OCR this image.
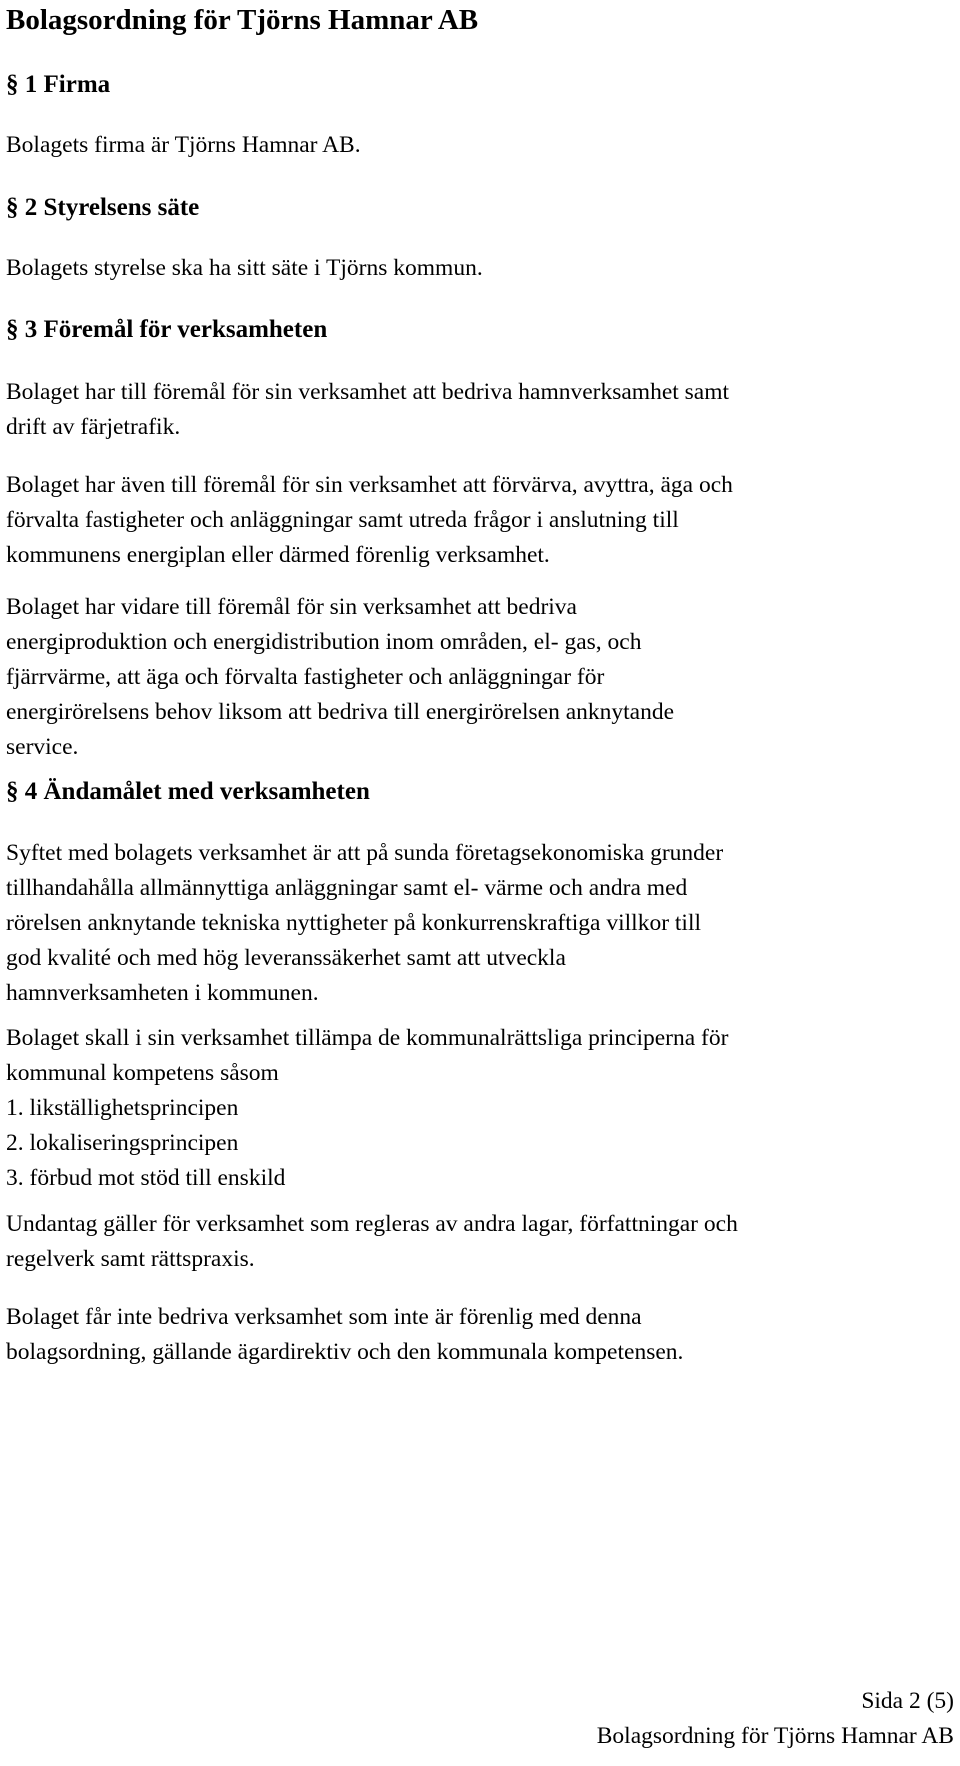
Bolagsordning för Tjörns Hamnar AB
§ 1 Firma

Bolagets firma är Tjörns Hamnar AB.

§ 2 Styrelsens säte

Bolagets styrelse ska ha sitt säte i Tjörns kommun.

§ 3 Föremål för verksamheten

Bolaget har till föremål för sin verksamhet att bedriva hamnverksamhet samt
drift av färjetrafik.

Bolaget har även till föremål för sin verksamhet att förvärva, avyttra, äga och
förvalta fastigheter och anläggningar samt utreda frågor i anslutning till
kommunens energiplan eller därmed förenlig verksamhet.

Bolaget har vidare till föremål för sin verksamhet att bedriva
energiproduktion och energidistribution inom områden, el- gas, och
fjärrvärme, att äga och förvalta fastigheter och anläggningar för
energirörelsens behov liksom att bedriva till energirörelsen anknytande
service.

§ 4 Ändamålet med verksamheten

Syftet med bolagets verksamhet är att på sunda företagsekonomiska grunder
tillhandahålla allmännyttiga anläggningar samt el- värme och andra med
rörelsen anknytande tekniska nyttigheter på konkurrenskraftiga villkor till
god kvalité och med hög leveranssäkerhet samt att utveckla
hamnverksamheten i kommunen.

Bolaget skall i sin verksamhet tillämpa de kommunalrättsliga principerna för
kommunal kompetens såsom
1. likställighetsprincipen
2. lokaliseringsprincipen
3. förbud mot stöd till enskild

Undantag gäller för verksamhet som regleras av andra lagar, författningar och
regelverk samt rättspraxis.

Bolaget får inte bedriva verksamhet som inte är förenlig med denna
bolagsordning, gällande ägardirektiv och den kommunala kompetensen.

Sida 2 (5)
Bolagsordning för Tjörns Hamnar AB
